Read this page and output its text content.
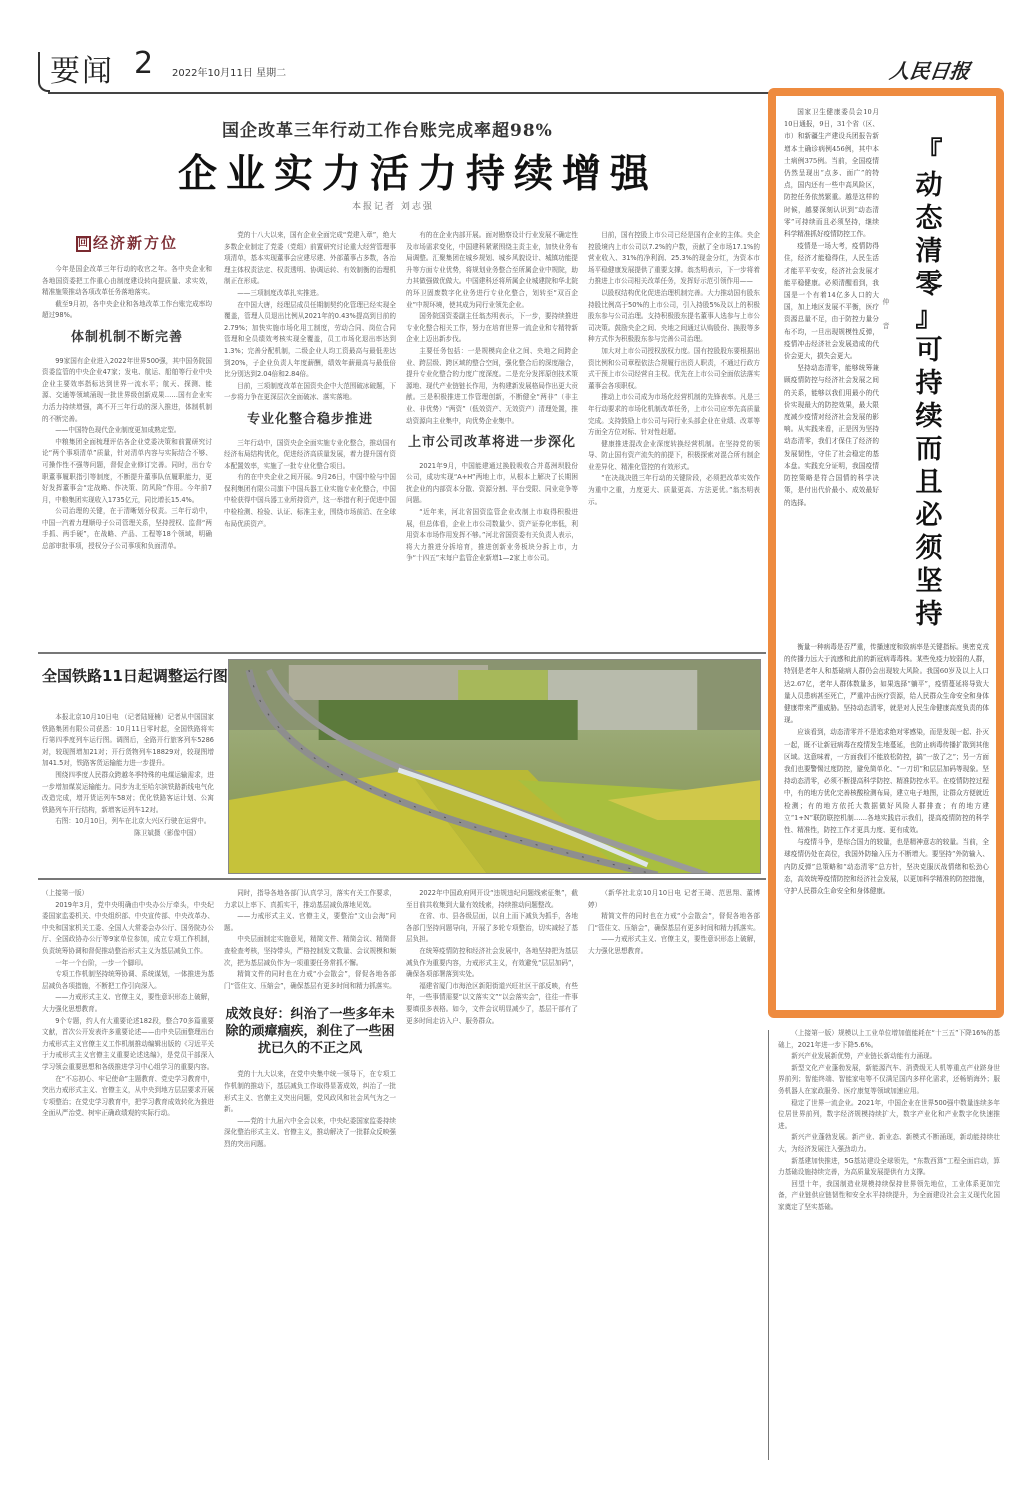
要闻 2 2022年10月11日 星期二	人民日报
国企改革三年行动工作台账完成率超98%
企业实力活力持续增强
本报记者 刘志强
回 经济新方位

今年是国企改革三年行动的收官之年。各中央企业和各地国资委把工作重心由制度建设转向提质量、求实效，精准施策推动各项改革任务落地落实。

截至9月初，各中央企业和各地改革工作台账完成率均超过98%。

体制机制不断完善

99家国有企业进入2022年世界500强，其中国务院国资委监管的中央企业47家；发电、航运、船舶等行业中央企业主要效率指标达到世界一流水平；航天、探测、能源、交通等领域涌现一批世界级创新成果……国有企业实力活力持续增强，离不开三年行动的深入推进，体制机制的不断完善。

——中国特色现代企业制度更加成熟定型。

中粮集团全面梳理评估各企业党委决策和前置研究讨论“两个事项清单”质量，针对清单内容与实际结合不够、可操作性不强等问题，督促企业修订完善。同时，出台专职董事履职指引等制度，不断提升董事队伍履职能力，更好发挥董事会“定战略、作决策、防风险”作用。今年前7月，中粮集团实现收入1735亿元，同比增长15.4%。

公司治理的关键，在于清晰划分权责。三年行动中，中国一汽着力理顺母子公司管理关系，坚持授权、监督“两手抓、两手硬”，在战略、产品、工程等18个领域，明确总部审批事项，授权分子公司事项和负面清单。

党的十八大以来，国有企业全面完成“党建入章”，绝大多数企业制定了党委（党组）前置研究讨论重大经营管理事项清单，基本实现董事会应建尽建、外部董事占多数，各治理主体权责法定、权责透明、协调运转、有效制衡的治理机制正在形成。

——三项制度改革扎实推进。

在中国大唐，经理层成员任期制契约化管理已经实现全覆盖，管理人员退出比例从2021年的0.43%提高到目前的2.79%；加快实施市场化用工制度，劳动合同、岗位合同管理和全员绩效考核实现全覆盖，员工市场化退出率达到1.3%；完善分配机制，二级企业人均工资最高与最低差达到20%，子企业负责人年度薪酬，绩效年薪最高与最低倍比分别达到2.04倍和2.84倍。

目前，三项制度改革在国资央企中大范围破冰破题，下一步将力争在更深层次全面破冰、落实落地。

专业化整合稳步推进

三年行动中，国资央企全面实施专业化整合，推动国有经济布局结构优化，促进经济高质量发展，着力提升国有资本配置效率，实施了一批专业化整合项目。

有的在中央企业之间开展。9月26日，中国中检与中国保利集团有限公司旗下中国兵器工业实施专业化整合，中国中检获得中国兵器工业所持资产，这一举措有利于促进中国中检检测、检验、认证、标准主业，围绕市场前沿、在全球布局优质资产。

有的在企业内部开展。面对勘察设计行业发展不确定性及市场需求变化，中国建科紧紧围绕主责主业，加快业务布局调整。汇聚集团在城乡规划、城乡风貌设计、城镇功能提升等方面专业优势，将规划业务整合至所属企业中规院，助力其做强做优做大。中国建科还将所属企业城建院和华北院的环卫固废数字化业务进行专业化整合，划转至“双百企业”中规环境，使其成为同行业领先企业。

国务院国资委副主任翁杰明表示，下一步，要持续推进专业化整合相关工作，努力在培育世界一流企业和专精特新企业上迈出新步伐。

主要任务包括：一是规模向企业之间、央地之间跨企业、跨层级、跨区域的整合空间，强化整合后的深度融合，提升专业化整合的力度广度深度。二是充分发挥原创技术策源地、现代产业链链长作用，为构建新发展格局作出更大贡献。三是积极推进工作管理创新，不断健全“两非”（非主业、非优势）“两资”（低效资产、无效资产）清理处置，推动资源向主业集中，向优势企业集中。

上市公司改革将进一步深化

2021年9月，中国能建通过换股吸收合并葛洲坝股份公司，成功实现“A+H”两地上市，从根本上解决了长期困扰企业的内部资本分散、资源分割、平台受限、同业竞争等问题。

“近年来，河北省国资监管企业改制上市取得积极进展，但总体看，企业上市公司数量少、资产证券化率低，利用资本市场作用发挥不够。”河北省国资委有关负责人表示，将大力推进分拆培育，推进创新业务板块分拆上市，力争“十四五”末每户监管企业新增1—2家上市公司。

目前，国有控股上市公司已经是国有企业的主体。央企控股境内上市公司以7.2%的户数，贡献了全市场17.1%的营业收入、31%的净利润、25.3%的现金分红，为资本市场平稳健康发展提供了重要支撑。翁杰明表示，下一步将着力推进上市公司相关改革任务，发挥好示范引领作用——

以股权结构优化促进治理机制完善。大力推动国有股东持股比例高于50%的上市公司，引入持股5%及以上的积极股东参与公司治理。支持积极股东提名董事人选参与上市公司决策。鼓励央企之间、央地之间通过认购股份、换股等多种方式作为积极股东参与完善公司治理。

加大对上市公司授权放权力度。国有控股股东要根据出资比例和公司章程依法合规履行出资人职责，不通过行政方式干预上市公司经营自主权。优先在上市公司全面依法落实董事会各项职权。

推动上市公司成为市场化经营机制的先锋表率。凡是三年行动要求的市场化机制改革任务，上市公司应率先高质量完成。支持鼓励上市公司与同行业头部企业在业绩、改革等方面全方位对标、针对性赶超。

健康推进混改企业深度转换经营机制。在坚持党的领导、防止国有资产流失的前提下，积极探索对混合所有制企业差异化、精准化管控的有效形式。

“在决战决胜三年行动的关键阶段，必须把改革实效作为重中之重，力度更大、质量更高、方法更优。”翁杰明表示。

全国铁路11日起调整运行图

本报北京10月10日电 （记者陆娅楠）记者从中国国家铁路集团有限公司获悉：10月11日零时起，全国铁路将实行第四季度列车运行图。调图后，全路开行旅客列车5286对，较现图增加21对；开行货物列车18829对，较现图增加41.5对，铁路客货运输能力进一步提升。

围绕四季度人民群众跨越冬季特殊的电煤运输需求，进一步增加煤炭运输能力。同步为北至哈尔滨铁路新线电气化改造完成，增开货运列车58对；优化铁路客运计划、公寓铁路列车开行结构，新增客运列车12对。

右图：10月10日，列车在北京大兴区行驶在运营中。

陈卫斌摄（影像中国）

（上接第一版）

2019年3月，党中央明确由中央办公厅牵头，中央纪委国家监委机关、中央组织部、中央宣传部、中央改革办、中央和国家机关工委、全国人大常委会办公厅、国务院办公厅、全国政协办公厅等9家单位参加，成立专项工作机制，负责统筹协调和督促推动整治形式主义为基层减负工作。

一年一个台阶，一步一个脚印。

专项工作机制坚持统筹协调、系统谋划，一体推进为基层减负各项措施，不断把工作引向深入。

——力戒形式主义、官僚主义，要性意识形态上破解，大力强化思想教育。

9个专题，约人有大重要论述182段，整合70多篇重要文献，首次公开发表许多重要论述——由中央层面整理出台力戒形式主义官僚主义工作机制推动编辑出版的《习近平关于力戒形式主义官僚主义重要论述选编》，是党员干部深入学习领会重要思想和各级推进学习中心组学习的重要内容。

在“不忘初心、牢记使命”主题教育、党史学习教育中，突出力戒形式主义、官僚主义，从中央到地方层层要求开展专项整治；在党史学习教育中，把学习教育成效转化为推进全面从严治党、树牢正确政绩观的实际行动。

同时，指导各地各部门认真学习，落实有关工作要求，力求以上率下、真抓实干，推动基层减负落地见效。

——力戒形式主义、官僚主义，要整治“文山会海”问题。

中央层面制定实施意见，精简文件、精简会议、精简督查检查考核，坚持带头，严格控制发文数量、会议规模和频次，把为基层减负作为一项重要任务常抓不懈。

精简文件的同时也在力戒“小会散会”，督促各地各部门“管住文、压缩会”，确保基层有更多时间和精力抓落实。

成效良好：纠治了一些多年未除的顽瘴痼疾，刹住了一些困扰已久的不正之风

党的十九大以来，在党中央集中统一领导下，在专项工作机制的推动下，基层减负工作取得显著成效，纠治了一批形式主义、官僚主义突出问题，党风政风和社会风气为之一新。

——党的十九届六中全会以来，中央纪委国家监委持续深化整治形式主义、官僚主义，推动解决了一批群众反映强烈的突出问题。

2022年中国政府网开设“违规违纪问题线索征集”，截至目前共收集到大量有效线索，持续推动问题整改。

在省、市、县各级层面，以自上而下减负为抓手，各地各部门坚持问题导向，开展了多轮专项整治，切实减轻了基层负担。

在统筹疫情防控和经济社会发展中，各地坚持把为基层减负作为重要内容，力戒形式主义，有效避免“层层加码”，确保各项部署落到实处。

福建省厦门市海沧区新阳街道兴旺社区干部反映，有些年，一些事情需要“以文落实文”“以会落实会”，往往一件事要填很多表格。如今，文件会议明显减少了，基层干部有了更多时间走访入户、服务群众。

（新华社北京10月10日电 记者王琦、范思翔、董博婷）

精简文件的同时也在力戒“小会散会”，督促各地各部门“管住文、压缩会”，确保基层有更多时间和精力抓落实。

——力戒形式主义、官僚主义，要性意识形态上破解，大力强化思想教育。

（上接第一版）规模以上工业单位增加值能耗在“十三五”下降16%的基础上，2021年进一步下降5.6%。

新兴产业发展新优势，产业链长新动能有力涌现。

新型文化产业蓬勃发展，新能源汽车、消费级无人机等重点产业跻身世界前列；智能终端、智能家电等不仅满足国内多样化需求，还畅销海外；服务机器人在家政服务、医疗康复等领域加速应用。

稳定了世界一流企业。2021年，中国企业在世界500强中数量连续多年位居世界前列，数字经济规模持续扩大，数字产业化和产业数字化快速推进。

新兴产业蓬勃发展。新产业、新业态、新模式不断涌现，新动能持续壮大，为经济发展注入强劲动力。

新基建加快推进，5G基站建设全球领先，“东数西算”工程全面启动，算力基础设施持续完善，为高质量发展提供有力支撑。

回望十年，我国制造业规模持续保持世界领先地位，工业体系更加完备，产业链供应链韧性和安全水平持续提升，为全面建设社会主义现代化国家奠定了坚实基础。

『
动
态
清
零
』
可
持
续
而
且
必
须
坚
持
仲

音

国家卫生健康委员会10月10日通报，9日，31个省（区、市）和新疆生产建设兵团报告新增本土确诊病例456例，其中本土病例375例。当前，全国疫情仍然呈现出“点多、面广”的特点，国内还有一些中高风险区，防控任务依然繁重。越是这样的时候，越要深刻认识到“动态清零”可持续而且必须坚持，继续科学精准抓好疫情防控工作。

疫情是一场大考，疫情防得住，经济才能稳得住，人民生活才能平平安安，经济社会发展才能平稳健康。必须清醒看到，我国是一个有着14亿多人口的大国，加上地区发展不平衡，医疗资源总量不足，由于防控力量分布不均，一旦出现规模性反弹，疫情冲击经济社会发展造成的代价会更大，损失会更大。

坚持动态清零，能够统筹兼顾疫情防控与经济社会发展之间的关系，能够以我们用最小的代价实现最大的防控效果，最大限度减少疫情对经济社会发展的影响。从实践来看，正是因为坚持动态清零，我们才保住了经济的发展韧性，守住了社会稳定的基本盘。实践充分证明，我国疫情防控策略是符合国情的科学决策，是付出代价最小、成效最好的选择。

衡量一种病毒是否严重，传播速度和致病率是关键指标。奥密克戎的传播力远大于流感和此前的新冠病毒毒株。某些免疫力较弱的人群，特别是老年人和基础病人群仍会出现较大风险。我国60岁及以上人口达2.67亿，老年人群体数量多，如果选择“躺平”，疫情蔓延将导致大量人员患病甚至死亡，严重冲击医疗资源，给人民群众生命安全和身体健康带来严重威胁。坚持动态清零，就是对人民生命健康高度负责的体现。

应该看到，动态清零并不是追求绝对零感染，而是发现一起、扑灭一起，既不让新冠病毒在疫情发生地蔓延，也防止病毒传播扩散到其他区域。这意味着，一方面我们不能放松防控，搞“一放了之”；另一方面我们也要警惕过度防控，避免简单化、“一刀切”和层层加码等现象。坚持动态清零，必须不断提高科学防控、精准防控水平。在疫情防控过程中，有的地方优化完善核酸检测布局，建立电子地图，让群众方便就近检测；有的地方依托大数据做好风险人群排查；有的地方建立“1+N”联防联控机制……各地实践启示我们，提高疫情防控的科学性、精准性，防控工作才更具力度、更有成效。

与疫情斗争，是综合国力的较量，也是精神意志的较量。当前，全球疫情仍处在高位，我国外防输入压力不断增大。要坚持“外防输入、内防反弹”总策略和“动态清零”总方针，坚决克服厌战情绪和松劲心态，高效统筹疫情防控和经济社会发展，以更加科学精准的防控措施，守护人民群众生命安全和身体健康。
